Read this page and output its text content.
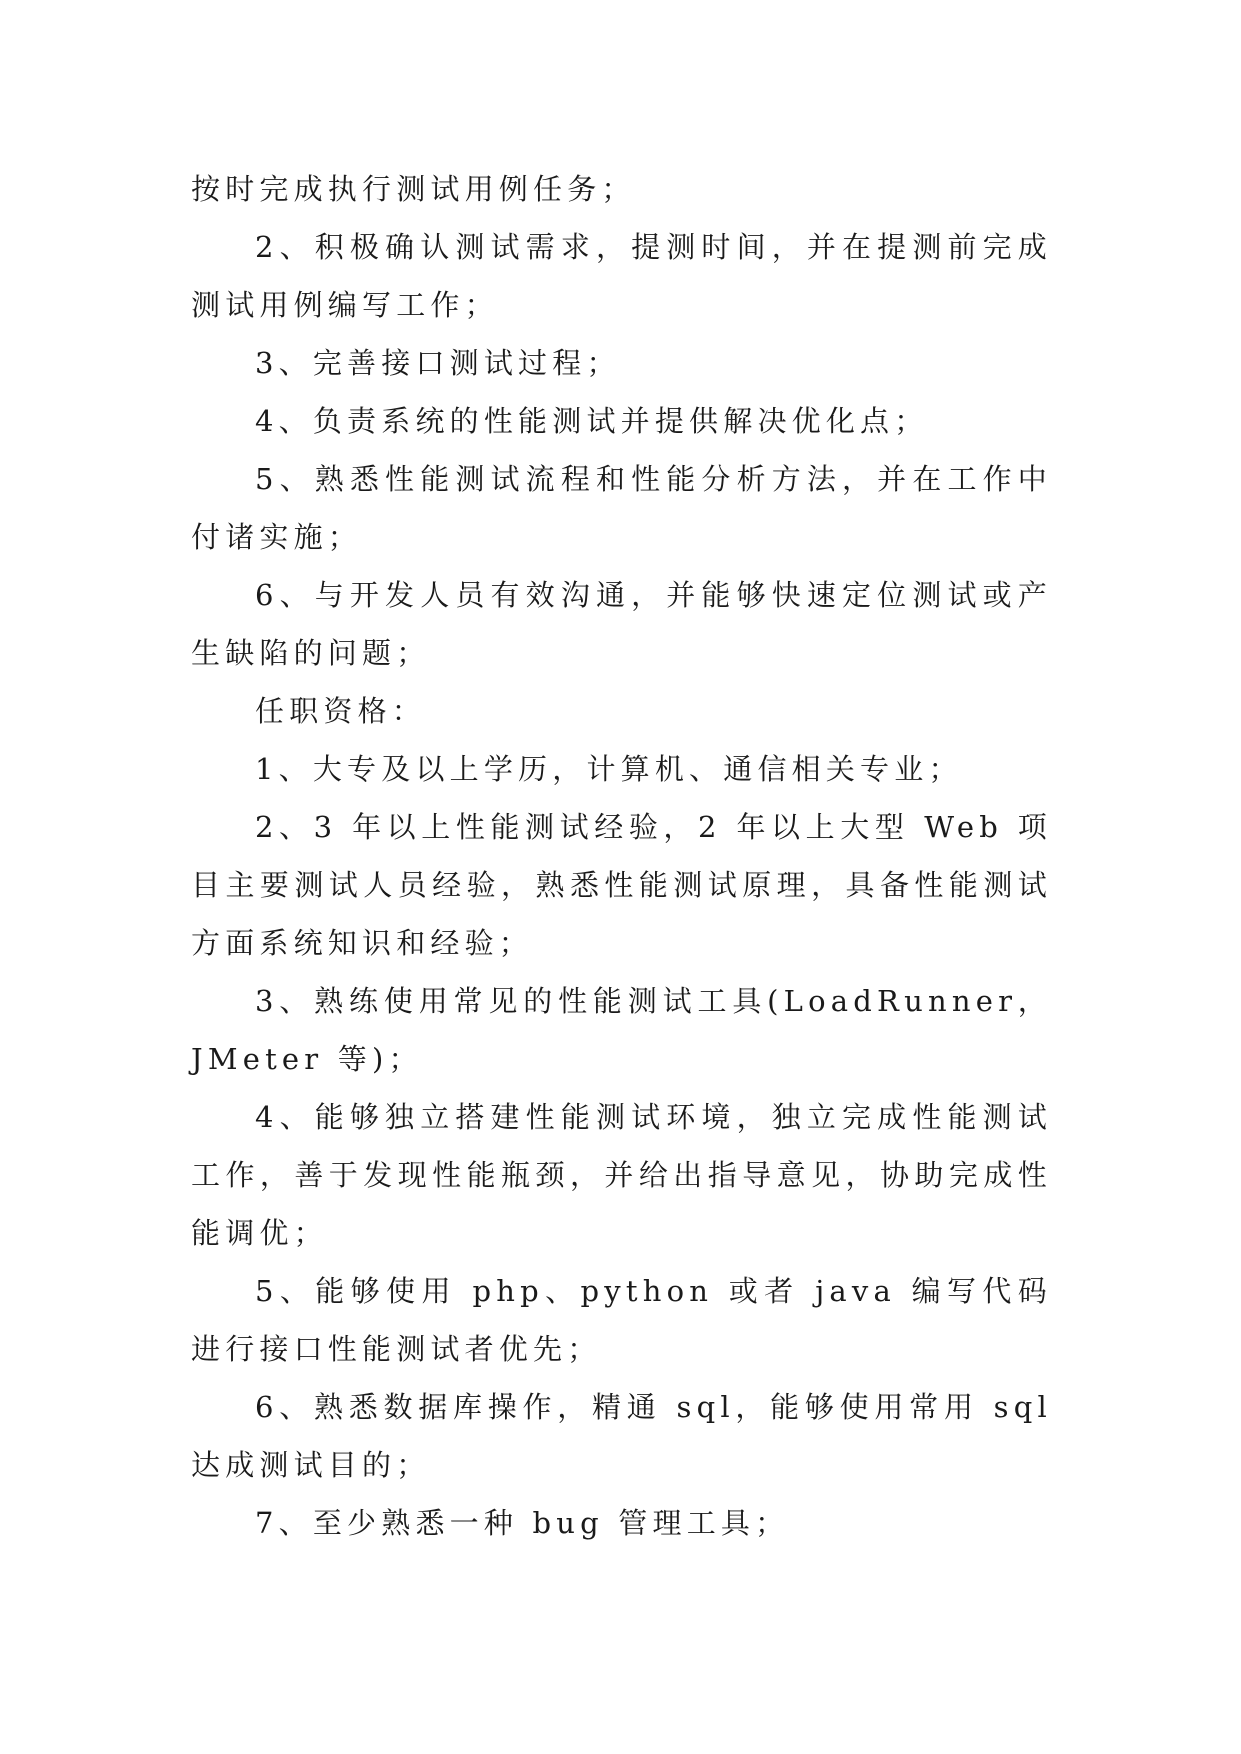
按时完成执行测试用例任务；

2、积极确认测试需求，提测时间，并在提测前完成测试用例编写工作；

3、完善接口测试过程；

4、负责系统的性能测试并提供解决优化点；

5、熟悉性能测试流程和性能分析方法，并在工作中付诸实施；

6、与开发人员有效沟通，并能够快速定位测试或产生缺陷的问题；

任职资格：

1、大专及以上学历，计算机、通信相关专业；

2、3 年以上性能测试经验，2 年以上大型 Web 项目主要测试人员经验，熟悉性能测试原理，具备性能测试方面系统知识和经验；

3、熟练使用常见的性能测试工具(LoadRunner，JMeter 等)；

4、能够独立搭建性能测试环境，独立完成性能测试工作，善于发现性能瓶颈，并给出指导意见，协助完成性能调优；

5、能够使用 php、python 或者 java 编写代码进行接口性能测试者优先；

6、熟悉数据库操作，精通 sql，能够使用常用 sql 达成测试目的；

7、至少熟悉一种 bug 管理工具；
